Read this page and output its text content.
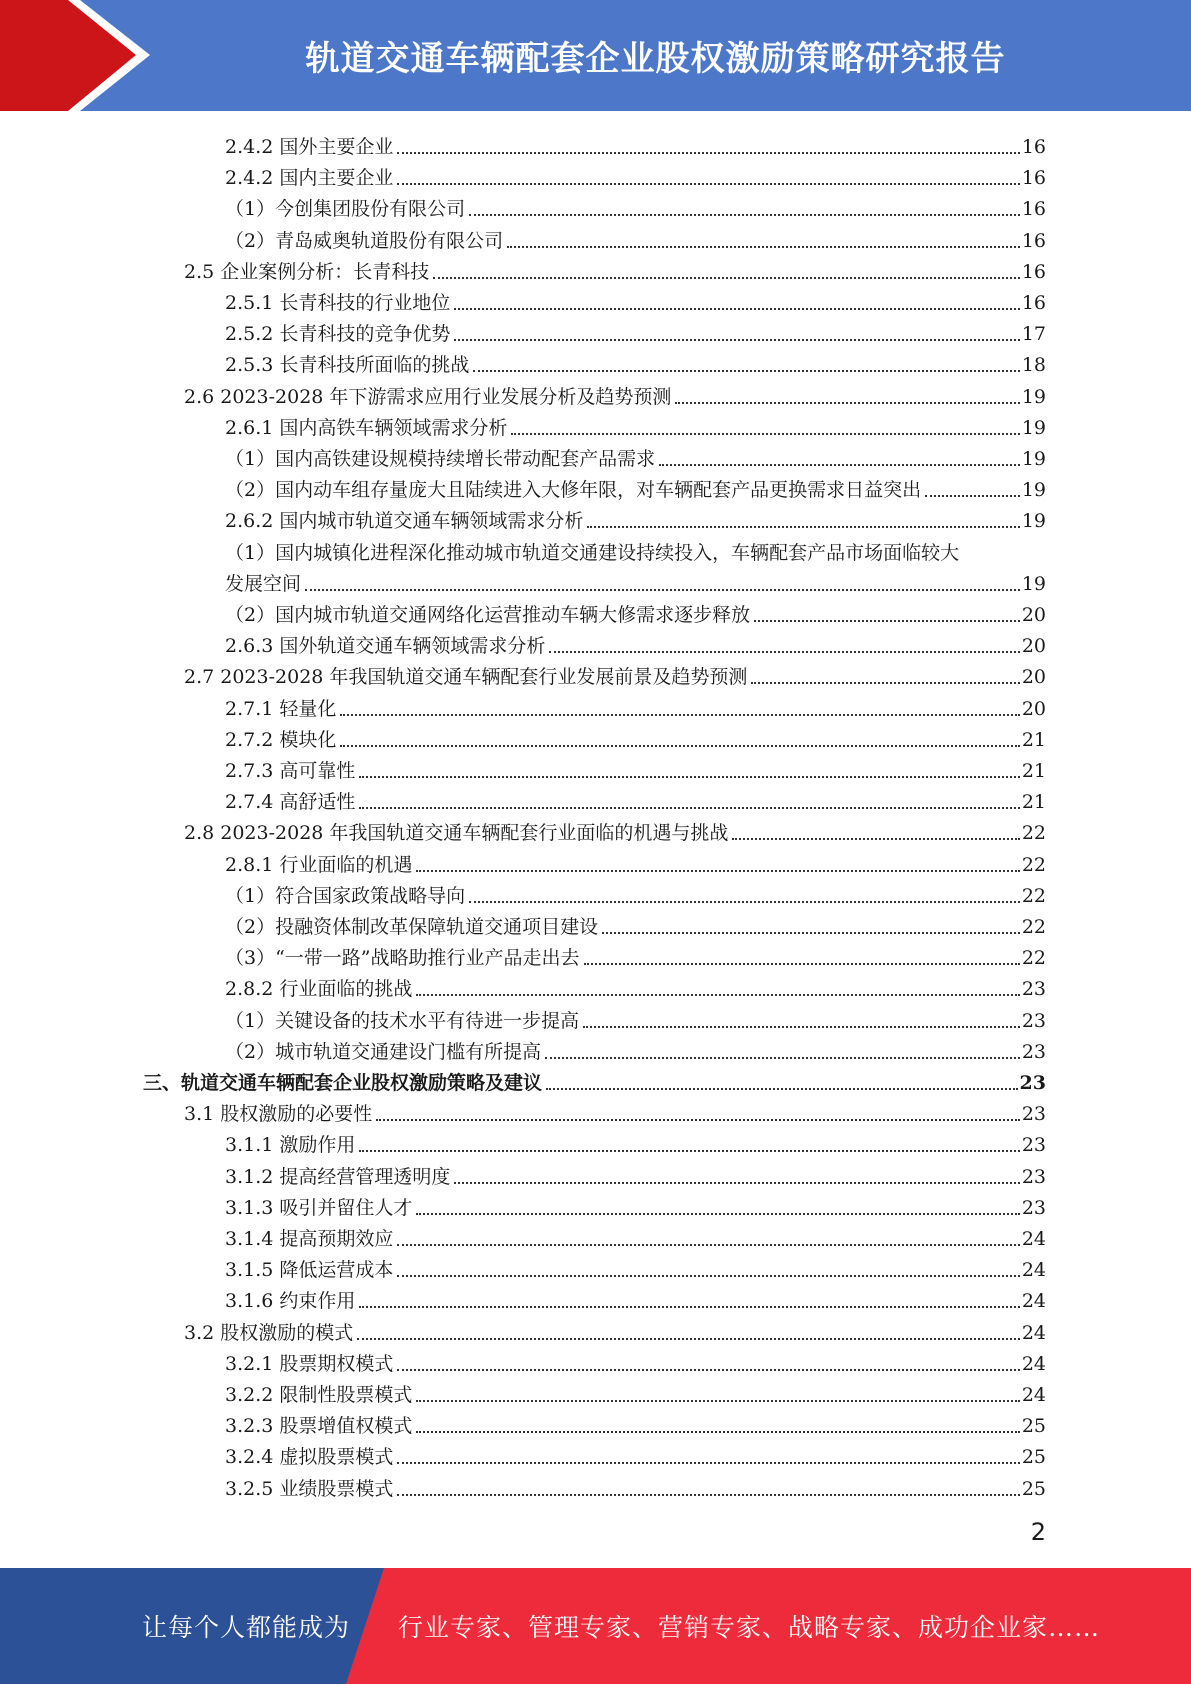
轨道交通车辆配套企业股权激励策略研究报告
2.4.2 国外主要企业	16
2.4.2 国内主要企业	16
（1）今创集团股份有限公司	16
（2）青岛威奥轨道股份有限公司	16
2.5 企业案例分析：长青科技	16
2.5.1 长青科技的行业地位	16
2.5.2 长青科技的竞争优势	17
2.5.3 长青科技所面临的挑战	18
2.6 2023-2028 年下游需求应用行业发展分析及趋势预测	19
2.6.1 国内高铁车辆领域需求分析	19
（1）国内高铁建设规模持续增长带动配套产品需求	19
（2）国内动车组存量庞大且陆续进入大修年限，对车辆配套产品更换需求日益突出	19
2.6.2 国内城市轨道交通车辆领域需求分析	19
（1）国内城镇化进程深化推动城市轨道交通建设持续投入，车辆配套产品市场面临较大
发展空间	19
（2）国内城市轨道交通网络化运营推动车辆大修需求逐步释放	20
2.6.3 国外轨道交通车辆领域需求分析	20
2.7 2023-2028 年我国轨道交通车辆配套行业发展前景及趋势预测	20
2.7.1 轻量化	20
2.7.2 模块化	21
2.7.3 高可靠性	21
2.7.4 高舒适性	21
2.8 2023-2028 年我国轨道交通车辆配套行业面临的机遇与挑战	22
2.8.1 行业面临的机遇	22
（1）符合国家政策战略导向	22
（2）投融资体制改革保障轨道交通项目建设	22
（3）“一带一路”战略助推行业产品走出去	22
2.8.2 行业面临的挑战	23
（1）关键设备的技术水平有待进一步提高	23
（2）城市轨道交通建设门槛有所提高	23
三、轨道交通车辆配套企业股权激励策略及建议	23
3.1 股权激励的必要性	23
3.1.1 激励作用	23
3.1.2 提高经营管理透明度	23
3.1.3 吸引并留住人才	23
3.1.4 提高预期效应	24
3.1.5 降低运营成本	24
3.1.6 约束作用	24
3.2 股权激励的模式	24
3.2.1 股票期权模式	24
3.2.2 限制性股票模式	24
3.2.3 股票增值权模式	25
3.2.4 虚拟股票模式	25
3.2.5 业绩股票模式	25
2
让每个人都能成为 行业专家、管理专家、营销专家、战略专家、成功企业家……
